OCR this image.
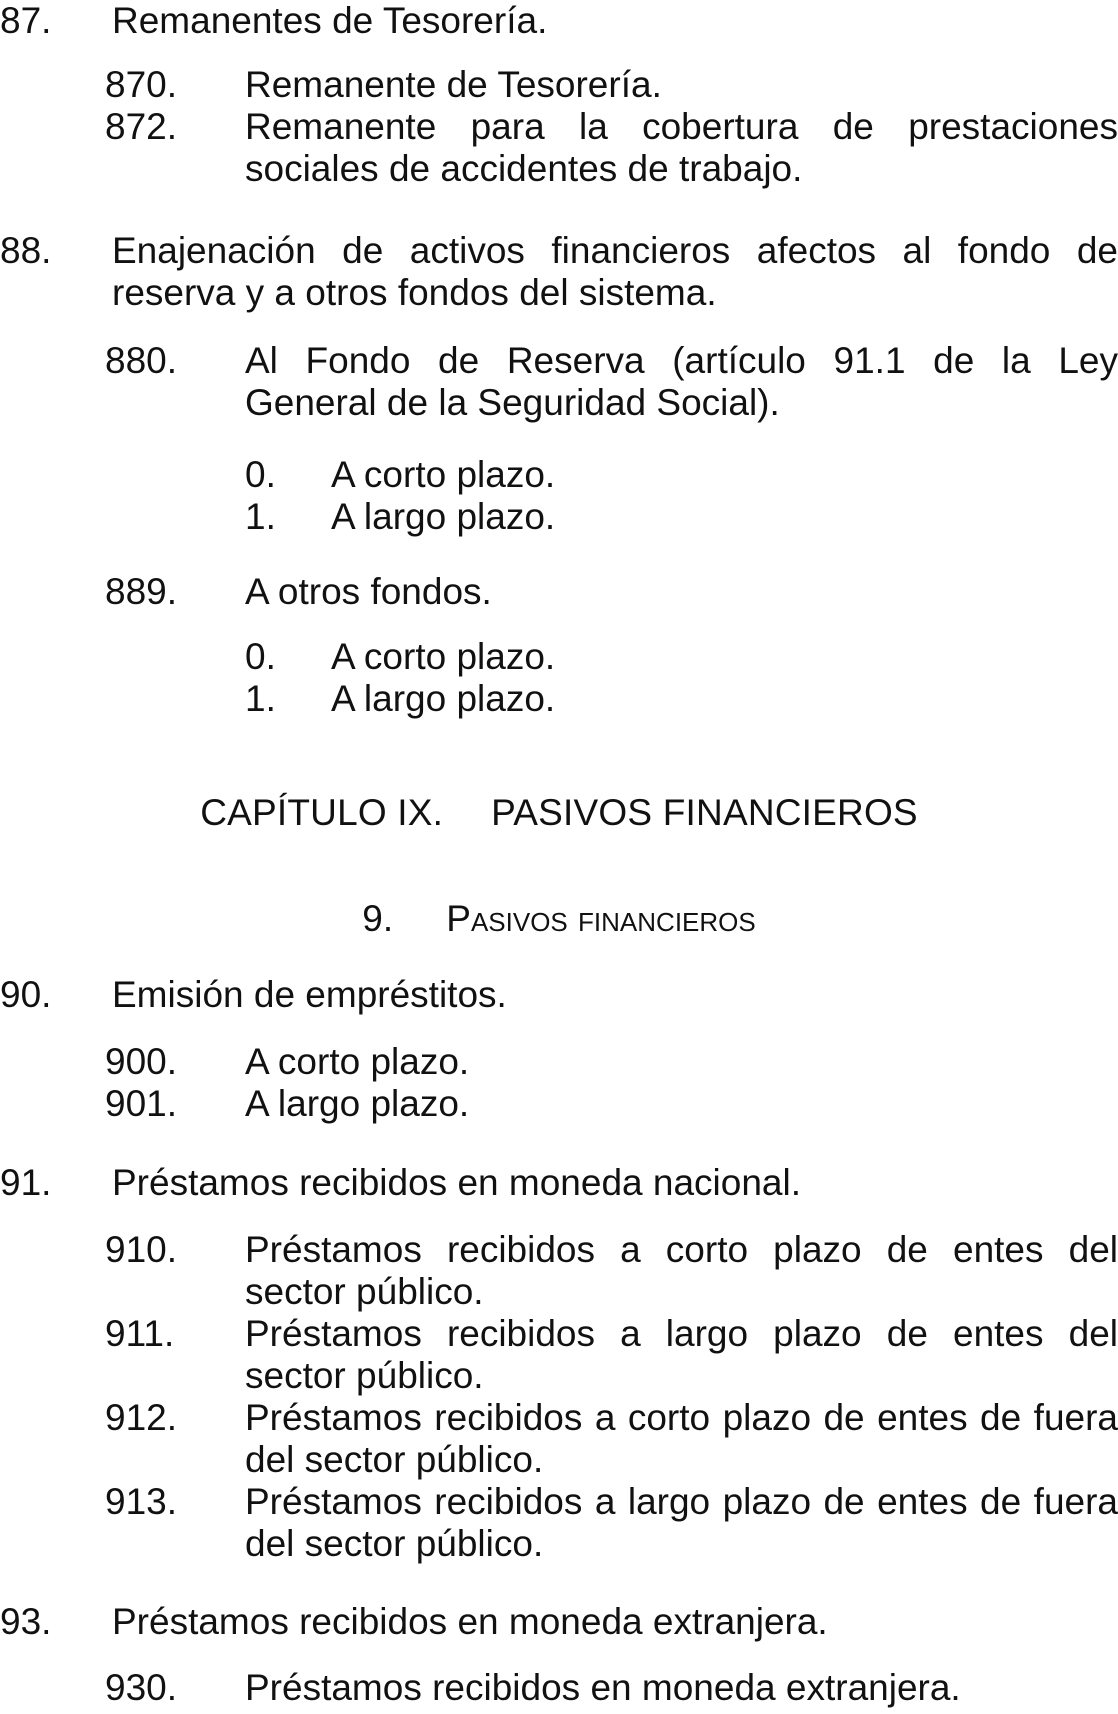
87.	Remanentes de Tesorería.
870.	Remanente de Tesorería.
872.	Remanente para la cobertura de prestaciones sociales de accidentes de trabajo.
88.	Enajenación de activos financieros afectos al fondo de reserva y a otros fondos del sistema.
880.	Al Fondo de Reserva (artículo 91.1 de la Ley General de la Seguridad Social).
0.	A corto plazo.
1.	A largo plazo.
889.	A otros fondos.
0.	A corto plazo.
1.	A largo plazo.
CAPÍTULO IX. PASIVOS FINANCIEROS
9. Pasivos financieros
90.	Emisión de empréstitos.
900.	A corto plazo.
901.	A largo plazo.
91.	Préstamos recibidos en moneda nacional.
910.	Préstamos recibidos a corto plazo de entes del sector público.
911.	Préstamos recibidos a largo plazo de entes del sector público.
912.	Préstamos recibidos a corto plazo de entes de fuera del sector público.
913.	Préstamos recibidos a largo plazo de entes de fuera del sector público.
93.	Préstamos recibidos en moneda extranjera.
930.	Préstamos recibidos en moneda extranjera.
